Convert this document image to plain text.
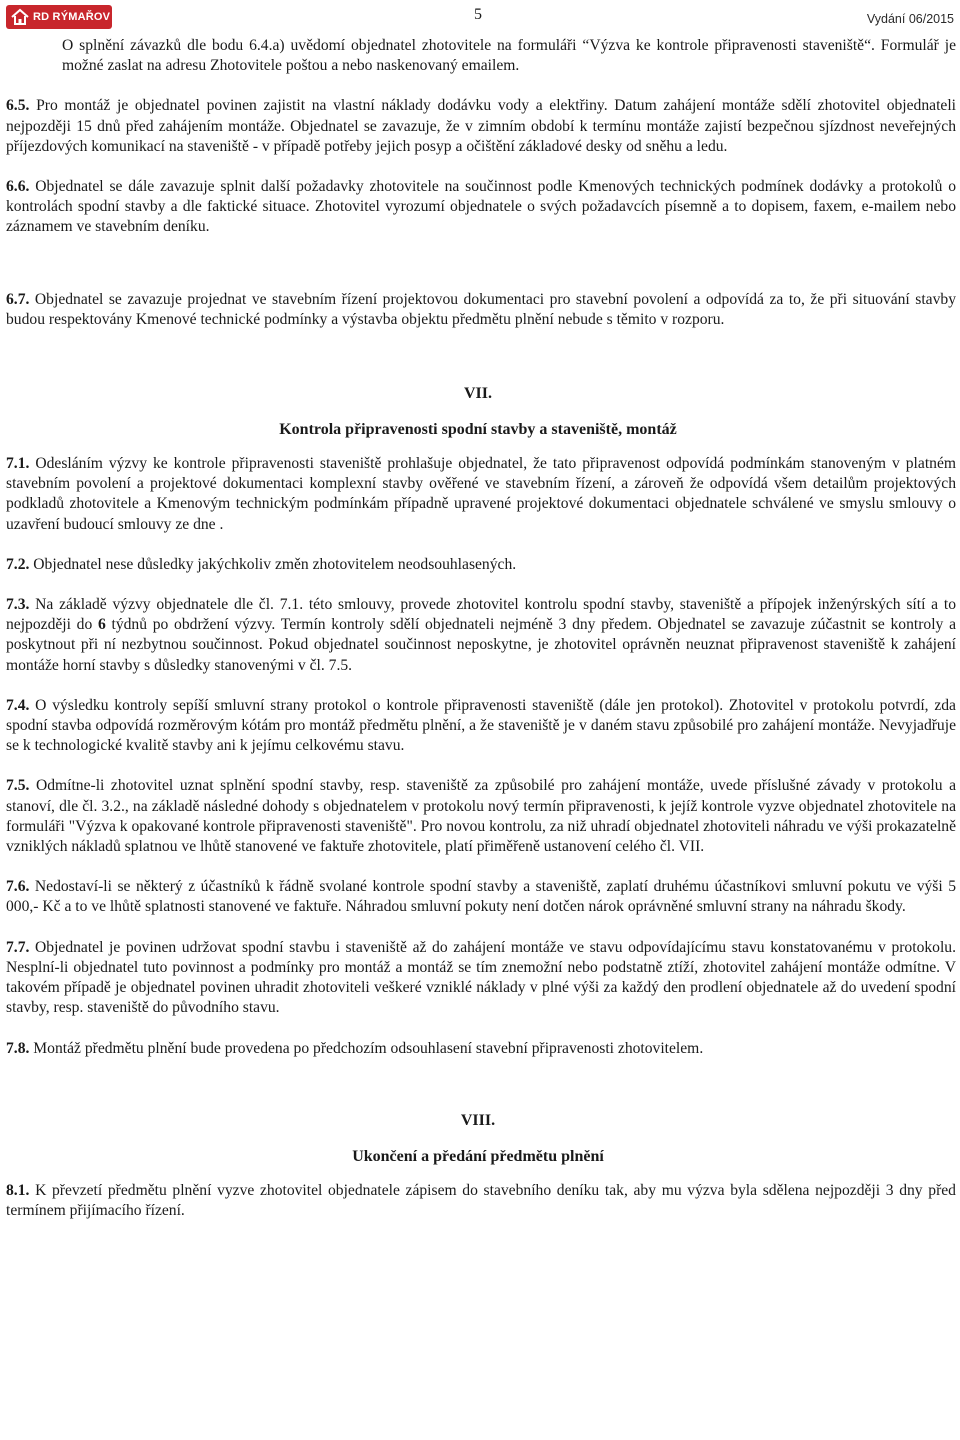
RD RÝMAŘOV	5	Vydání 06/2015

O splnění závazků dle bodu 6.4.a) uvědomí objednatel zhotovitele na formuláři “Výzva ke kontrole připravenosti staveniště“. Formulář je možné zaslat na adresu Zhotovitele poštou a nebo naskenovaný emailem.

6.5. Pro montáž je objednatel povinen zajistit na vlastní náklady dodávku vody a elektřiny. Datum zahájení montáže sdělí zhotovitel objednateli nejpozději 15 dnů před zahájením montáže. Objednatel se zavazuje, že v zimním období k termínu montáže zajistí bezpečnou sjízdnost neveřejných příjezdových komunikací na staveniště - v případě potřeby jejich posyp a očištění základové desky od sněhu a ledu.

6.6. Objednatel se dále zavazuje splnit další požadavky zhotovitele na součinnost podle Kmenových technických podmínek dodávky a protokolů o kontrolách spodní stavby a dle faktické situace. Zhotovitel vyrozumí objednatele o svých požadavcích písemně a to dopisem, faxem, e-mailem nebo záznamem ve stavebním deníku.

6.7. Objednatel se zavazuje projednat ve stavebním řízení projektovou dokumentaci pro stavební povolení a odpovídá za to, že při situování stavby budou respektovány Kmenové technické podmínky a výstavba objektu předmětu plnění nebude s těmito v rozporu.

VII.
Kontrola připravenosti spodní stavby a staveniště, montáž

7.1. Odesláním výzvy ke kontrole připravenosti staveniště prohlašuje objednatel, že tato připravenost odpovídá podmínkám stanoveným v platném stavebním povolení a projektové dokumentaci komplexní stavby ověřené ve stavebním řízení, a zároveň že odpovídá všem detailům projektových podkladů zhotovitele a Kmenovým technickým podmínkám případně upravené projektové dokumentaci objednatele schválené ve smyslu smlouvy o uzavření budoucí smlouvy ze dne .

7.2. Objednatel nese důsledky jakýchkoliv změn zhotovitelem neodsouhlasených.

7.3. Na základě výzvy objednatele dle čl. 7.1. této smlouvy, provede zhotovitel kontrolu spodní stavby, staveniště a přípojek inženýrských sítí a to nejpozději do 6 týdnů po obdržení výzvy. Termín kontroly sdělí objednateli nejméně 3 dny předem. Objednatel se zavazuje zúčastnit se kontroly a poskytnout při ní nezbytnou součinnost. Pokud objednatel součinnost neposkytne, je zhotovitel oprávněn neuznat připravenost staveniště k zahájení montáže horní stavby s důsledky stanovenými v čl. 7.5.

7.4. O výsledku kontroly sepíší smluvní strany protokol o kontrole připravenosti staveniště (dále jen protokol). Zhotovitel v protokolu potvrdí, zda spodní stavba odpovídá rozměrovým kótám pro montáž předmětu plnění, a že staveniště je v daném stavu způsobilé pro zahájení montáže. Nevyjadřuje se k technologické kvalitě stavby ani k jejímu celkovému stavu.

7.5. Odmítne-li zhotovitel uznat splnění spodní stavby, resp. staveniště za způsobilé pro zahájení montáže, uvede příslušné závady v protokolu a stanoví, dle čl. 3.2., na základě následné dohody s objednatelem v protokolu nový termín připravenosti, k jejíž kontrole vyzve objednatel zhotovitele na formuláři "Výzva k opakované kontrole připravenosti staveniště". Pro novou kontrolu, za niž uhradí objednatel zhotoviteli náhradu ve výši prokazatelně vzniklých nákladů splatnou ve lhůtě stanovené ve faktuře zhotovitele, platí přiměřeně ustanovení celého čl. VII.

7.6. Nedostaví-li se některý z účastníků k řádně svolané kontrole spodní stavby a staveniště, zaplatí druhému účastníkovi smluvní pokutu ve výši 5 000,- Kč a to ve lhůtě splatnosti stanovené ve faktuře. Náhradou smluvní pokuty není dotčen nárok oprávněné smluvní strany na náhradu škody.

7.7. Objednatel je povinen udržovat spodní stavbu i staveniště až do zahájení montáže ve stavu odpovídajícímu stavu konstatovanému v protokolu. Nesplní-li objednatel tuto povinnost a podmínky pro montáž a montáž se tím znemožní nebo podstatně ztíží, zhotovitel zahájení montáže odmítne. V takovém případě je objednatel povinen uhradit zhotoviteli veškeré vzniklé náklady v plné výši za každý den prodlení objednatele až do uvedení spodní stavby, resp. staveniště do původního stavu.

7.8. Montáž předmětu plnění bude provedena po předchozím odsouhlasení stavební připravenosti zhotovitelem.

VIII.
Ukončení a předání předmětu plnění

8.1. K převzetí předmětu plnění vyzve zhotovitel objednatele zápisem do stavebního deníku tak, aby mu výzva byla sdělena nejpozději 3 dny před termínem přijímacího řízení.
